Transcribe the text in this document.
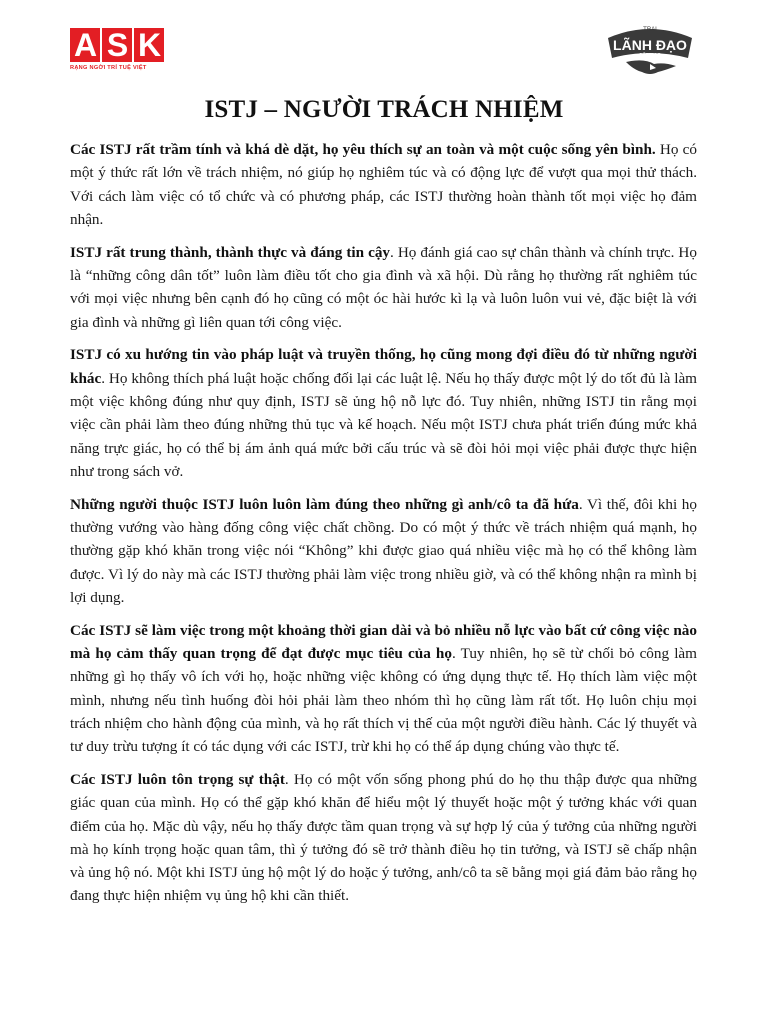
A S K
RẠNG NGỜI TRÍ TUỆ VIỆT
TRẠI
LÃNH ĐẠO
CẤP CAO
ISTJ – NGƯỜI TRÁCH NHIỆM

Các ISTJ rất trầm tính và khá dè dặt, họ yêu thích sự an toàn và một cuộc sống yên bình. Họ có một ý thức rất lớn về trách nhiệm, nó giúp họ nghiêm túc và có động lực để vượt qua mọi thử thách. Với cách làm việc có tổ chức và có phương pháp, các ISTJ thường hoàn thành tốt mọi việc họ đảm nhận.

ISTJ rất trung thành, thành thực và đáng tin cậy. Họ đánh giá cao sự chân thành và chính trực. Họ là “những công dân tốt” luôn làm điều tốt cho gia đình và xã hội. Dù rằng họ thường rất nghiêm túc với mọi việc nhưng bên cạnh đó họ cũng có một óc hài hước kì lạ và luôn luôn vui vẻ, đặc biệt là với gia đình và những gì liên quan tới công việc.

ISTJ có xu hướng tin vào pháp luật và truyền thống, họ cũng mong đợi điều đó từ những người khác. Họ không thích phá luật hoặc chống đối lại các luật lệ. Nếu họ thấy được một lý do tốt đủ là làm một việc không đúng như quy định, ISTJ sẽ ủng hộ nỗ lực đó. Tuy nhiên, những ISTJ tin rằng mọi việc cần phải làm theo đúng những thủ tục và kế hoạch. Nếu một ISTJ chưa phát triển đúng mức khả năng trực giác, họ có thể bị ám ảnh quá mức bởi cấu trúc và sẽ đòi hỏi mọi việc phải được thực hiện như trong sách vở.

Những người thuộc ISTJ luôn luôn làm đúng theo những gì anh/cô ta đã hứa. Vì thế, đôi khi họ thường vướng vào hàng đống công việc chất chồng. Do có một ý thức về trách nhiệm quá mạnh, họ thường gặp khó khăn trong việc nói “Không” khi được giao quá nhiều việc mà họ có thể không làm được. Vì lý do này mà các ISTJ thường phải làm việc trong nhiều giờ, và có thể không nhận ra mình bị lợi dụng.

Các ISTJ sẽ làm việc trong một khoảng thời gian dài và bỏ nhiều nỗ lực vào bất cứ công việc nào mà họ cảm thấy quan trọng để đạt được mục tiêu của họ. Tuy nhiên, họ sẽ từ chối bỏ công làm những gì họ thấy vô ích với họ, hoặc những việc không có ứng dụng thực tế. Họ thích làm việc một mình, nhưng nếu tình huống đòi hỏi phải làm theo nhóm thì họ cũng làm rất tốt. Họ luôn chịu mọi trách nhiệm cho hành động của mình, và họ rất thích vị thế của một người điều hành. Các lý thuyết và tư duy trừu tượng ít có tác dụng với các ISTJ, trừ khi họ có thể áp dụng chúng vào thực tế.

Các ISTJ luôn tôn trọng sự thật. Họ có một vốn sống phong phú do họ thu thập được qua những giác quan của mình. Họ có thể gặp khó khăn để hiểu một lý thuyết hoặc một ý tưởng khác với quan điểm của họ. Mặc dù vậy, nếu họ thấy được tầm quan trọng và sự hợp lý của ý tưởng của những người mà họ kính trọng hoặc quan tâm, thì ý tưởng đó sẽ trở thành điều họ tin tưởng, và ISTJ sẽ chấp nhận và ủng hộ nó. Một khi ISTJ ủng hộ một lý do hoặc ý tưởng, anh/cô ta sẽ bằng mọi giá đảm bảo rằng họ đang thực hiện nhiệm vụ ủng hộ khi cần thiết.
